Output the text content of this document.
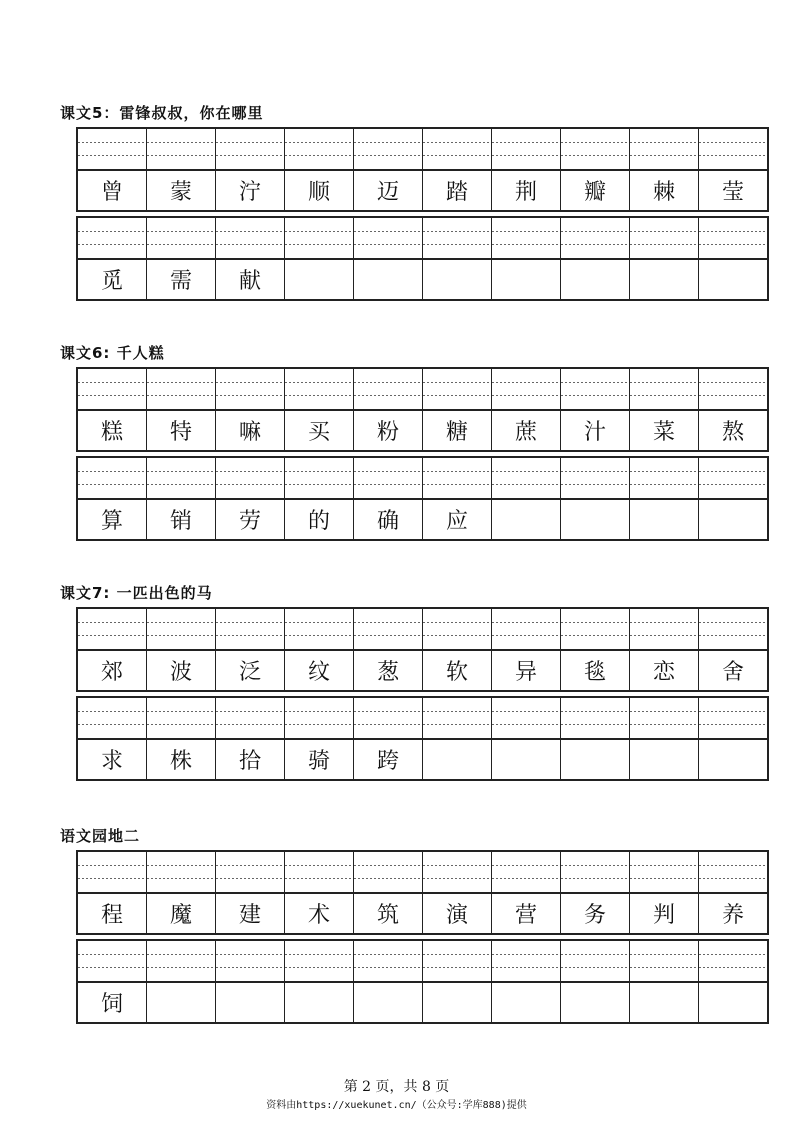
课文5：雷锋叔叔，你在哪里
曾	蒙	泞	顺	迈	踏	荆	瓣	棘	莹
觅	需	献
课文6: 千人糕
糕	特	嘛	买	粉	糖	蔗	汁	菜	熬
算	销	劳	的	确	应
课文7: 一匹出色的马
郊	波	泛	纹	葱	软	异	毯	恋	舍
求	株	拾	骑	跨
语文园地二
程	魔	建	术	筑	演	营	务	判	养
饲
第 2 页，共 8 页
资料由https://xuekunet.cn/（公众号:学库888)提供
